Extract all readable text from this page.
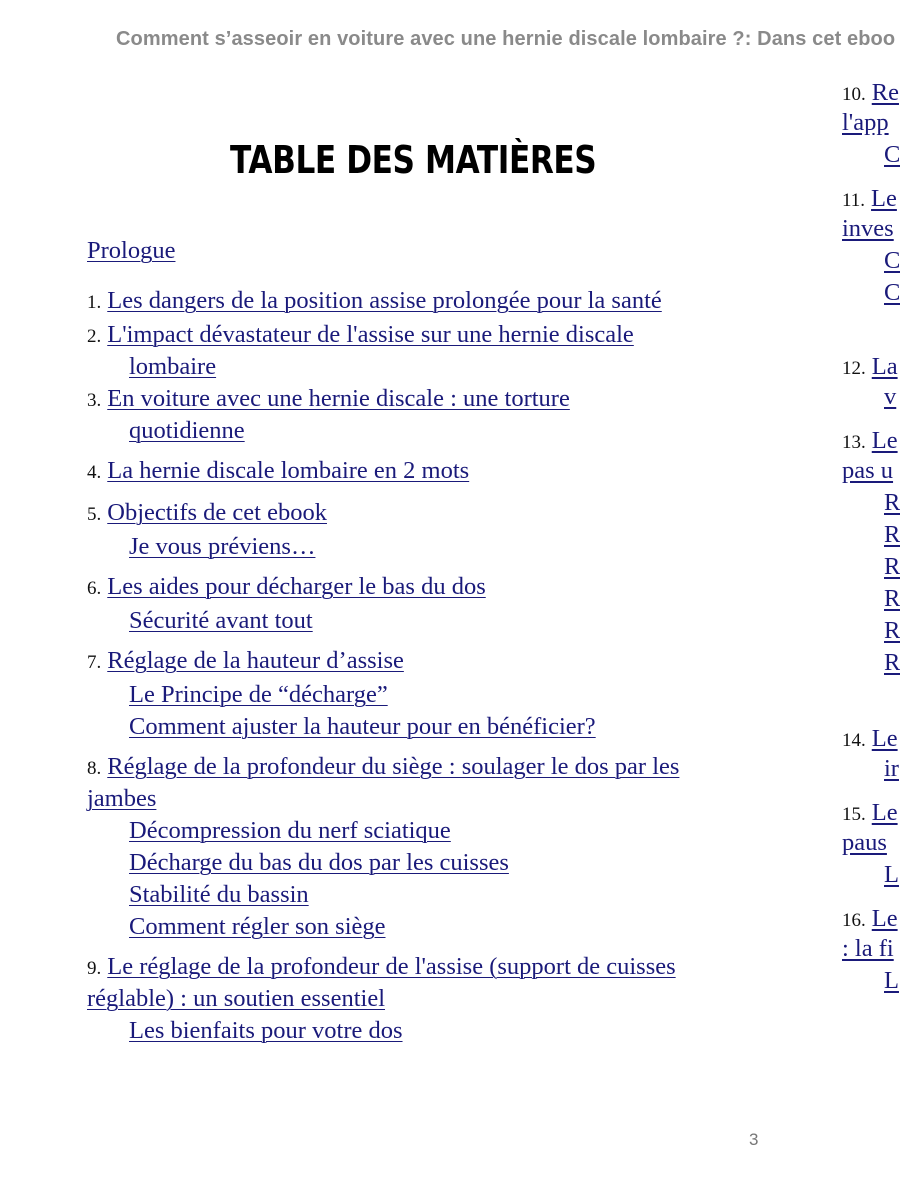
Comment s’asseoir en voiture avec une hernie discale lombaire ?: Dans cet eboo
TABLE DES MATIÈRES
Prologue
1. Les dangers de la position assise prolongée pour la santé
2. L'impact dévastateur de l'assise sur une hernie discale lombaire
3. En voiture avec une hernie discale : une torture quotidienne
4. La hernie discale lombaire en 2 mots
5. Objectifs de cet ebook
Je vous préviens…
6. Les aides pour décharger le bas du dos
Sécurité avant tout
7. Réglage de la hauteur d’assise
Le Principe de “décharge”
Comment ajuster la hauteur pour en bénéficier?
8. Réglage de la profondeur du siège : soulager le dos par les jambes
Décompression du nerf sciatique
Décharge du bas du dos par les cuisses
Stabilité du bassin
Comment régler son siège
9. Le réglage de la profondeur de l'assise (support de cuisses réglable) : un soutien essentiel
Les bienfaits pour votre dos
10. Re
l'app
C
11. Le
inves
C
C
12. La
v
13. Le
pas u
R
R
R
R
R
R
14. Le
ir
15. Le
paus
L
16. Le
: la fi
L
3
